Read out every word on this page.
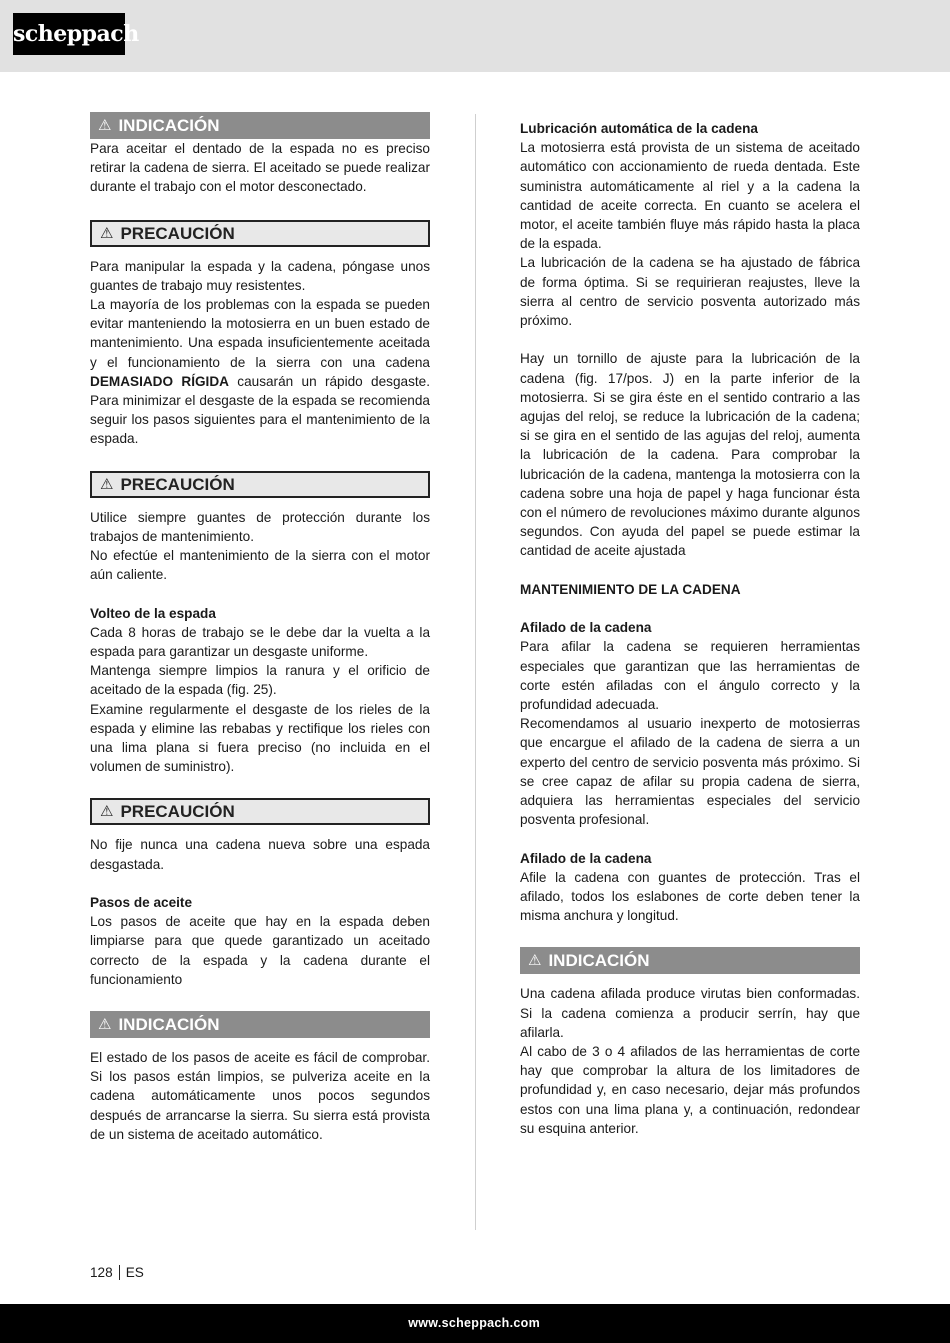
scheppach
⚠ INDICACIÓN

Para aceitar el dentado de la espada no es preciso retirar la cadena de sierra. El aceitado se puede realizar durante el trabajo con el motor desconectado.

⚠ PRECAUCIÓN

Para manipular la espada y la cadena, póngase unos guantes de trabajo muy resistentes.

La mayoría de los problemas con la espada se pueden evitar manteniendo la motosierra en un buen estado de mantenimiento. Una espada insuficientemente aceitada y el funcionamiento de la sierra con una cadena DEMASIADO RÍGIDA causarán un rápido desgaste. Para minimizar el desgaste de la espada se recomienda seguir los pasos siguientes para el mantenimiento de la espada.

⚠ PRECAUCIÓN

Utilice siempre guantes de protección durante los trabajos de mantenimiento.

No efectúe el mantenimiento de la sierra con el motor aún caliente.

Volteo de la espada

Cada 8 horas de trabajo se le debe dar la vuelta a la espada para garantizar un desgaste uniforme.

Mantenga siempre limpios la ranura y el orificio de aceitado de la espada (fig. 25).

Examine regularmente el desgaste de los rieles de la espada y elimine las rebabas y rectifique los rieles con una lima plana si fuera preciso (no incluida en el volumen de suministro).

⚠ PRECAUCIÓN

No fije nunca una cadena nueva sobre una espada desgastada.

Pasos de aceite

Los pasos de aceite que hay en la espada deben limpiarse para que quede garantizado un aceitado correcto de la espada y la cadena durante el funcionamiento

⚠ INDICACIÓN

El estado de los pasos de aceite es fácil de comprobar. Si los pasos están limpios, se pulveriza aceite en la cadena automáticamente unos pocos segundos después de arrancarse la sierra. Su sierra está provista de un sistema de aceitado automático.

Lubricación automática de la cadena

La motosierra está provista de un sistema de aceitado automático con accionamiento de rueda dentada. Este suministra automáticamente al riel y a la cadena la cantidad de aceite correcta. En cuanto se acelera el motor, el aceite también fluye más rápido hasta la placa de la espada.

La lubricación de la cadena se ha ajustado de fábrica de forma óptima. Si se requirieran reajustes, lleve la sierra al centro de servicio posventa autorizado más próximo.

Hay un tornillo de ajuste para la lubricación de la cadena (fig. 17/pos. J) en la parte inferior de la motosierra. Si se gira éste en el sentido contrario a las agujas del reloj, se reduce la lubricación de la cadena; si se gira en el sentido de las agujas del reloj, aumenta la lubricación de la cadena. Para comprobar la lubricación de la cadena, mantenga la motosierra con la cadena sobre una hoja de papel y haga funcionar ésta con el número de revoluciones máximo durante algunos segundos. Con ayuda del papel se puede estimar la cantidad de aceite ajustada

MANTENIMIENTO DE LA CADENA

Afilado de la cadena

Para afilar la cadena se requieren herramientas especiales que garantizan que las herramientas de corte estén afiladas con el ángulo correcto y la profundidad adecuada.

Recomendamos al usuario inexperto de motosierras que encargue el afilado de la cadena de sierra a un experto del centro de servicio posventa más próximo. Si se cree capaz de afilar su propia cadena de sierra, adquiera las herramientas especiales del servicio posventa profesional.

Afilado de la cadena

Afile la cadena con guantes de protección. Tras el afilado, todos los eslabones de corte deben tener la misma anchura y longitud.

⚠ INDICACIÓN

Una cadena afilada produce virutas bien conformadas. Si la cadena comienza a producir serrín, hay que afilarla.

Al cabo de 3 o 4 afilados de las herramientas de corte hay que comprobar la altura de los limitadores de profundidad y, en caso necesario, dejar más profundos estos con una lima plana y, a continuación, redondear su esquina anterior.

128 ES
www.scheppach.com
